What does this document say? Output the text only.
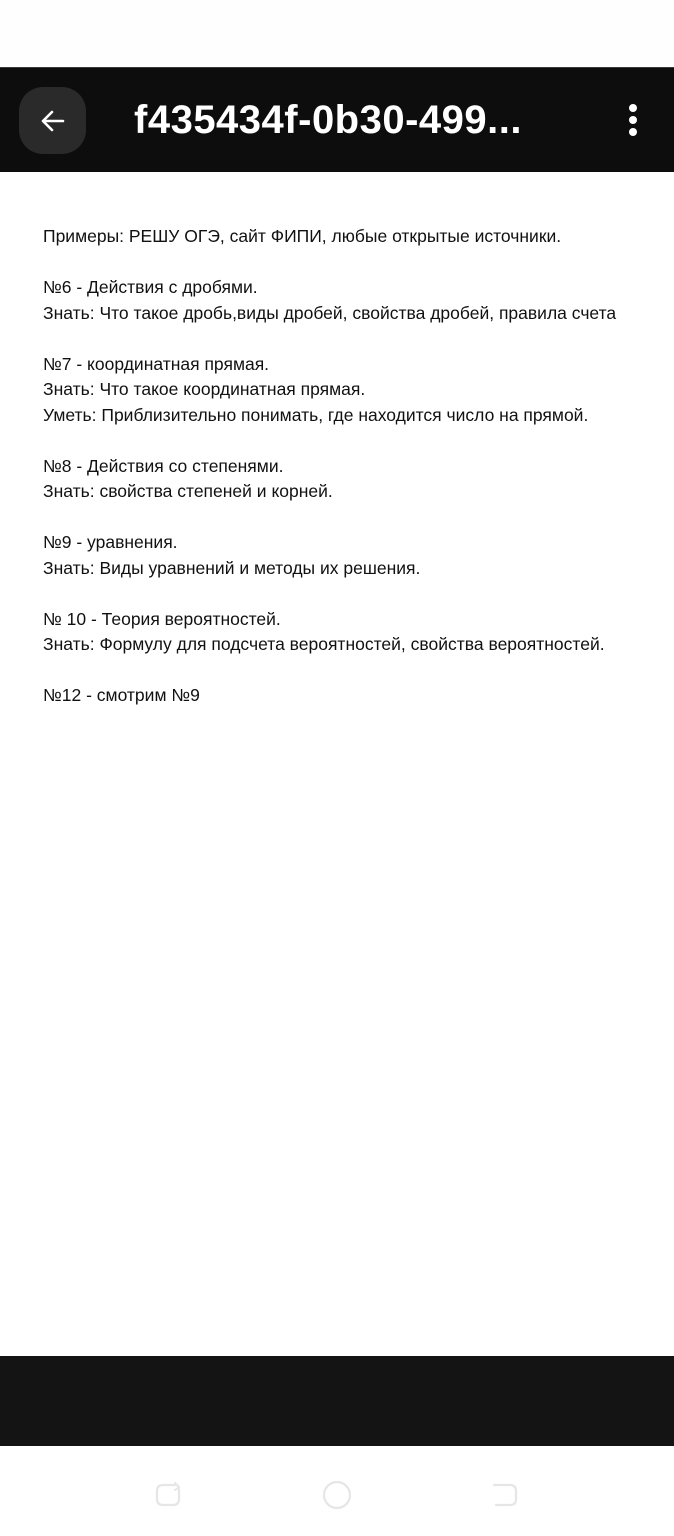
f435434f-0b30-499...
Примеры: РЕШУ ОГЭ, сайт ФИПИ, любые открытые источники.
№6 - Действия с дробями.
Знать: Что такое дробь,виды дробей, свойства дробей, правила счета
№7 - координатная прямая.
Знать: Что такое координатная прямая.
Уметь: Приблизительно понимать, где находится число на прямой.
№8 - Действия со степенями.
Знать: свойства степеней и корней.
№9 - уравнения.
Знать: Виды уравнений и методы их решения.
№ 10 - Теория вероятностей.
Знать: Формулу для подсчета вероятностей, свойства вероятностей.
№12 - смотрим №9
